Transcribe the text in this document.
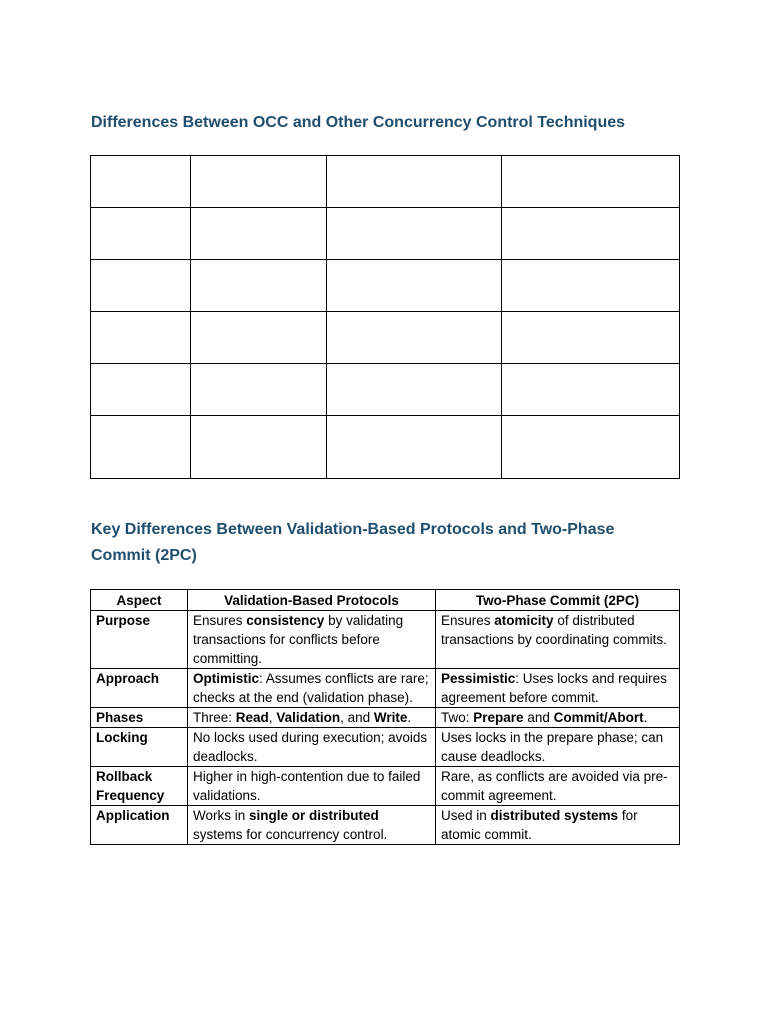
Differences Between OCC and Other Concurrency Control Techniques

Key Differences Between Validation-Based Protocols and Two-Phase Commit (2PC)
Aspect	Validation-Based Protocols	Two-Phase Commit (2PC)
Purpose	Ensures consistency by validating transactions for conflicts before committing.	Ensures atomicity of distributed transactions by coordinating commits.
Approach	Optimistic: Assumes conflicts are rare; checks at the end (validation phase).	Pessimistic: Uses locks and requires agreement before commit.
Phases	Three: Read, Validation, and Write.	Two: Prepare and Commit/Abort.
Locking	No locks used during execution; avoids deadlocks.	Uses locks in the prepare phase; can cause deadlocks.
Rollback Frequency	Higher in high-contention due to failed validations.	Rare, as conflicts are avoided via pre-commit agreement.
Application	Works in single or distributed systems for concurrency control.	Used in distributed systems for atomic commit.
